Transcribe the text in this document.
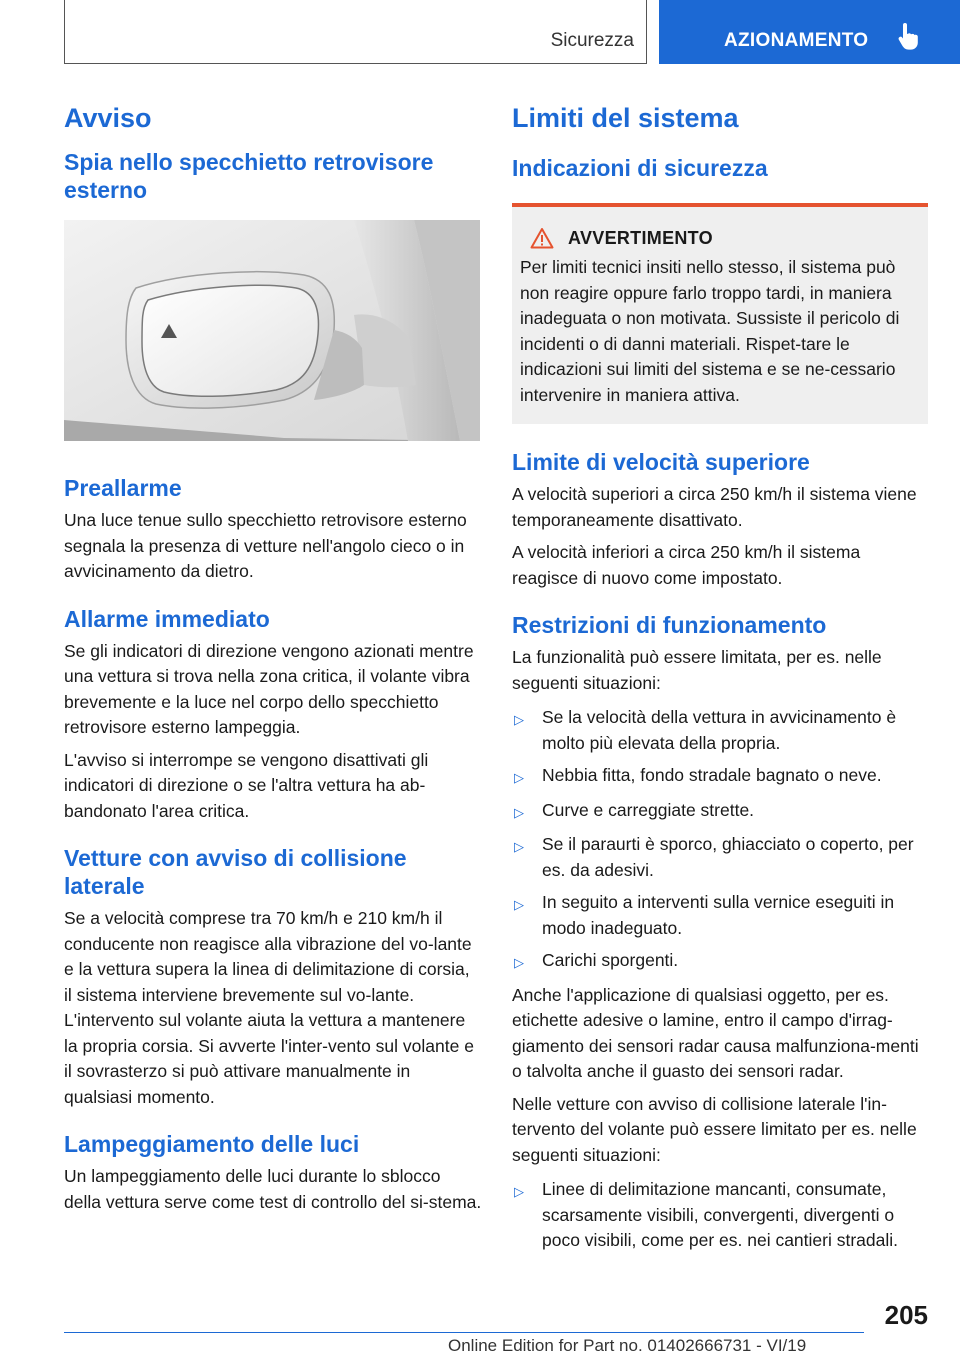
Sicurezza	AZIONAMENTO
Avviso
Spia nello specchietto retrovisore esterno
Preallarme

Una luce tenue sullo specchietto retrovisore esterno segnala la presenza di vetture nell'angolo cieco o in avvicinamento da dietro.

Allarme immediato

Se gli indicatori di direzione vengono azionati mentre una vettura si trova nella zona critica, il volante vibra brevemente e la luce nel corpo dello specchietto retrovisore esterno lampeggia.

L'avviso si interrompe se vengono disattivati gli indicatori di direzione o se l'altra vettura ha ab-bandonato l'area critica.

Vetture con avviso di collisione laterale

Se a velocità comprese tra 70 km/h e 210 km/h il conducente non reagisce alla vibrazione del vo-lante e la vettura supera la linea di delimitazione di corsia, il sistema interviene brevemente sul vo-lante. L'intervento sul volante aiuta la vettura a mantenere la propria corsia. Si avverte l'inter-vento sul volante e il sovrasterzo si può attivare manualmente in qualsiasi momento.

Lampeggiamento delle luci

Un lampeggiamento delle luci durante lo sblocco della vettura serve come test di controllo del si-stema.

Limiti del sistema
Indicazioni di sicurezza
AVVERTIMENTO
Per limiti tecnici insiti nello stesso, il sistema può non reagire oppure farlo troppo tardi, in maniera inadeguata o non motivata. Sussiste il pericolo di incidenti o di danni materiali. Rispet-tare le indicazioni sui limiti del sistema e se ne-cessario intervenire in maniera attiva.
Limite di velocità superiore

A velocità superiori a circa 250 km/h il sistema viene temporaneamente disattivato.

A velocità inferiori a circa 250 km/h il sistema reagisce di nuovo come impostato.

Restrizioni di funzionamento

La funzionalità può essere limitata, per es. nelle seguenti situazioni:

▷	Se la velocità della vettura in avvicinamento è molto più elevata della propria.
▷	Nebbia fitta, fondo stradale bagnato o neve.
▷	Curve e carreggiate strette.
▷	Se il paraurti è sporco, ghiacciato o coperto, per es. da adesivi.
▷	In seguito a interventi sulla vernice eseguiti in modo inadeguato.
▷	Carichi sporgenti.

Anche l'applicazione di qualsiasi oggetto, per es. etichette adesive o lamine, entro il campo d'irrag-giamento dei sensori radar causa malfunziona-menti o talvolta anche il guasto dei sensori radar.

Nelle vetture con avviso di collisione laterale l'in-tervento del volante può essere limitato per es. nelle seguenti situazioni:

▷	Linee di delimitazione mancanti, consumate, scarsamente visibili, convergenti, divergenti o poco visibili, come per es. nei cantieri stradali.
205
Online Edition for Part no. 01402666731 - VI/19
